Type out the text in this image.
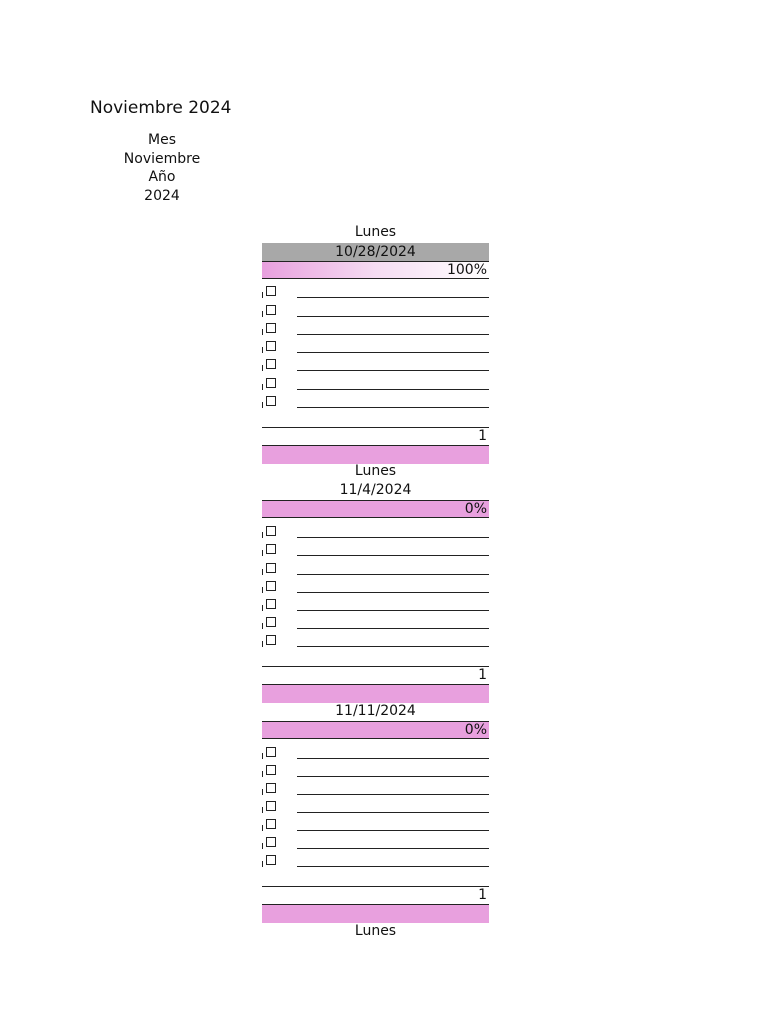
Noviembre 2024
Mes
Noviembre
Año
2024
Lunes
10/28/2024
100%
1
Lunes
11/4/2024
0%
1
11/11/2024
0%
1
Lunes
